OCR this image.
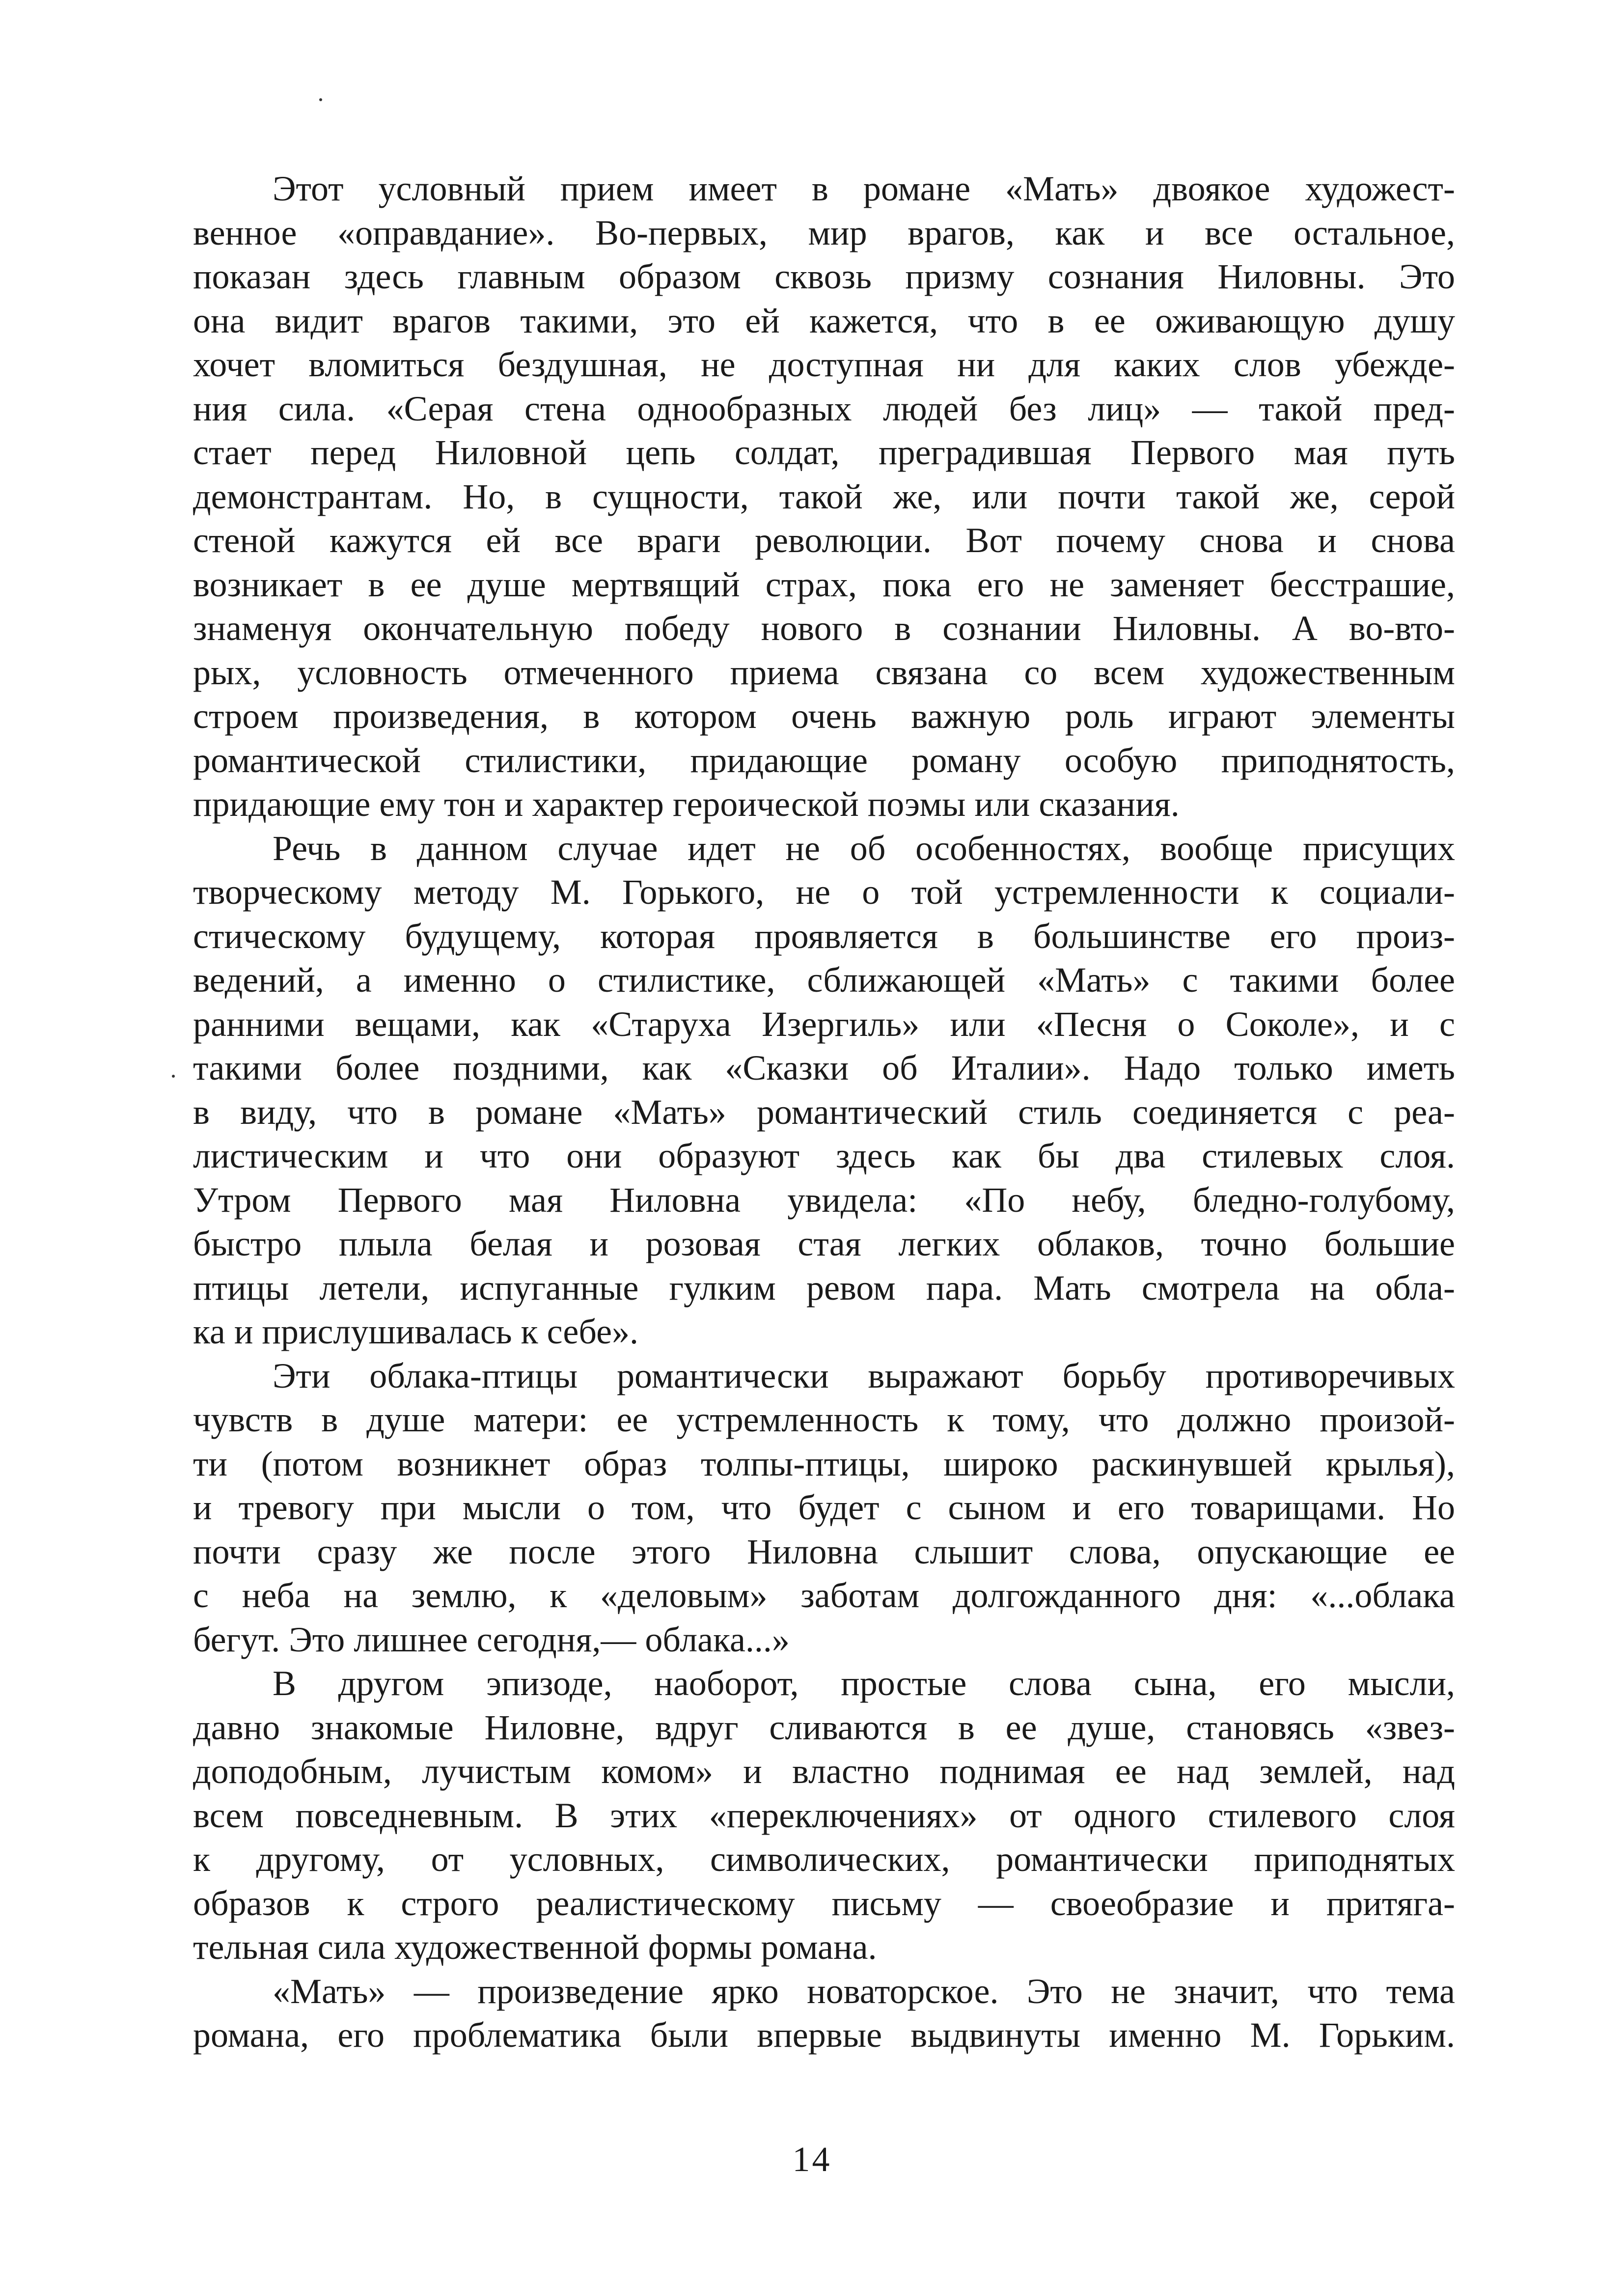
Этот условный прием имеет в романе «Мать» двоякое художест-
венное «оправдание». Во-первых, мир врагов, как и все остальное,
показан здесь главным образом сквозь призму сознания Ниловны. Это
она видит врагов такими, это ей кажется, что в ее оживающую душу
хочет вломиться бездушная, не доступная ни для каких слов убежде-
ния сила. «Серая стена однообразных людей без лиц» — такой пред-
стает перед Ниловной цепь солдат, преградившая Первого мая путь
демонстрантам. Но, в сущности, такой же, или почти такой же, серой
стеной кажутся ей все враги революции. Вот почему снова и снова
возникает в ее душе мертвящий страх, пока его не заменяет бесстрашие,
знаменуя окончательную победу нового в сознании Ниловны. А во-вто-
рых, условность отмеченного приема связана со всем художественным
строем произведения, в котором очень важную роль играют элементы
романтической стилистики, придающие роману особую приподнятость,
придающие ему тон и характер героической поэмы или сказания.

Речь в данном случае идет не об особенностях, вообще присущих
творческому методу М. Горького, не о той устремленности к социали-
стическому будущему, которая проявляется в большинстве его произ-
ведений, а именно о стилистике, сближающей «Мать» с такими более
ранними вещами, как «Старуха Изергиль» или «Песня о Соколе», и с
такими более поздними, как «Сказки об Италии». Надо только иметь
в виду, что в романе «Мать» романтический стиль соединяется с реа-
листическим и что они образуют здесь как бы два стилевых слоя.
Утром Первого мая Ниловна увидела: «По небу, бледно-голубому,
быстро плыла белая и розовая стая легких облаков, точно большие
птицы летели, испуганные гулким ревом пара. Мать смотрела на обла-
ка и прислушивалась к себе».

Эти облака-птицы романтически выражают борьбу противоречивых
чувств в душе матери: ее устремленность к тому, что должно произой-
ти (потом возникнет образ толпы-птицы, широко раскинувшей крылья),
и тревогу при мысли о том, что будет с сыном и его товарищами. Но
почти сразу же после этого Ниловна слышит слова, опускающие ее
с неба на землю, к «деловым» заботам долгожданного дня: «...облака
бегут. Это лишнее сегодня,— облака...»

В другом эпизоде, наоборот, простые слова сына, его мысли,
давно знакомые Ниловне, вдруг сливаются в ее душе, становясь «звез-
доподобным, лучистым комом» и властно поднимая ее над землей, над
всем повседневным. В этих «переключениях» от одного стилевого слоя
к другому, от условных, символических, романтически приподнятых
образов к строго реалистическому письму — своеобразие и притяга-
тельная сила художественной формы романа.

«Мать» — произведение ярко новаторское. Это не значит, что тема
романа, его проблематика были впервые выдвинуты именно М. Горьким.

14
